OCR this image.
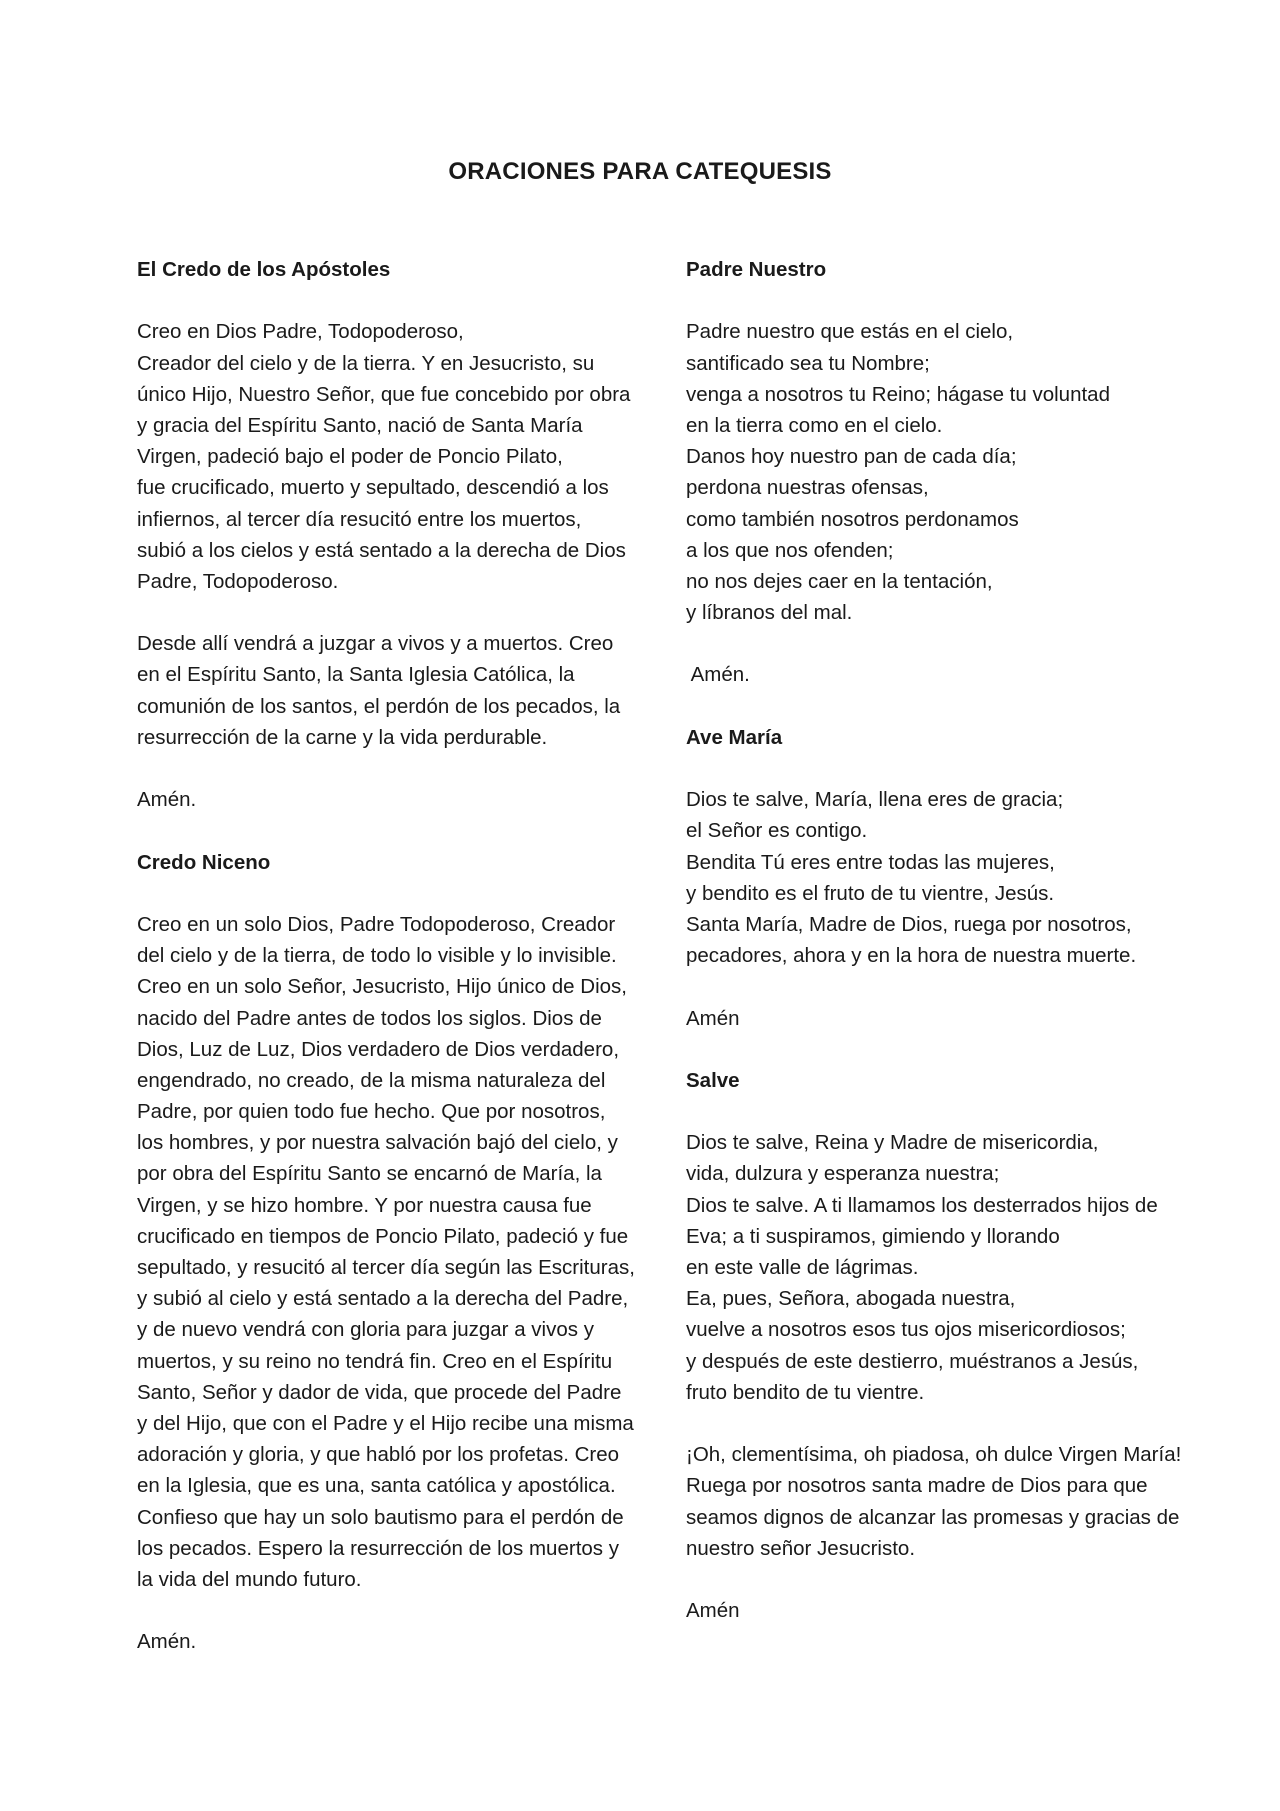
ORACIONES PARA CATEQUESIS
El Credo de los Apóstoles
Creo en Dios Padre, Todopoderoso,
Creador del cielo y de la tierra. Y en Jesucristo, su
único Hijo, Nuestro Señor, que fue concebido por obra
y gracia del Espíritu Santo, nació de Santa María
Virgen, padeció bajo el poder de Poncio Pilato,
fue crucificado, muerto y sepultado, descendió a los
infiernos, al tercer día resucitó entre los muertos,
subió a los cielos y está sentado a la derecha de Dios
Padre, Todopoderoso.
Desde allí vendrá a juzgar a vivos y a muertos. Creo
en el Espíritu Santo, la Santa Iglesia Católica, la
comunión de los santos, el perdón de los pecados, la
resurrección de la carne y la vida perdurable.
Amén.
Credo Niceno
Creo en un solo Dios, Padre Todopoderoso, Creador
del cielo y de la tierra, de todo lo visible y lo invisible.
Creo en un solo Señor, Jesucristo, Hijo único de Dios,
nacido del Padre antes de todos los siglos. Dios de
Dios, Luz de Luz, Dios verdadero de Dios verdadero,
engendrado, no creado, de la misma naturaleza del
Padre, por quien todo fue hecho. Que por nosotros,
los hombres, y por nuestra salvación bajó del cielo, y
por obra del Espíritu Santo se encarnó de María, la
Virgen, y se hizo hombre. Y por nuestra causa fue
crucificado en tiempos de Poncio Pilato, padeció y fue
sepultado, y resucitó al tercer día según las Escrituras,
y subió al cielo y está sentado a la derecha del Padre,
y de nuevo vendrá con gloria para juzgar a vivos y
muertos, y su reino no tendrá fin. Creo en el Espíritu
Santo, Señor y dador de vida, que procede del Padre
y del Hijo, que con el Padre y el Hijo recibe una misma
adoración y gloria, y que habló por los profetas. Creo
en la Iglesia, que es una, santa católica y apostólica.
Confieso que hay un solo bautismo para el perdón de
los pecados. Espero la resurrección de los muertos y
la vida del mundo futuro.
Amén.
Padre Nuestro
Padre nuestro que estás en el cielo,
santificado sea tu Nombre;
venga a nosotros tu Reino; hágase tu voluntad
en la tierra como en el cielo.
Danos hoy nuestro pan de cada día;
perdona nuestras ofensas,
como también nosotros perdonamos
a los que nos ofenden;
no nos dejes caer en la tentación,
y líbranos del mal.
Amén.
Ave María
Dios te salve, María, llena eres de gracia;
el Señor es contigo.
Bendita Tú eres entre todas las mujeres,
y bendito es el fruto de tu vientre, Jesús.
Santa María, Madre de Dios, ruega por nosotros,
pecadores, ahora y en la hora de nuestra muerte.
Amén
Salve
Dios te salve, Reina y Madre de misericordia,
vida, dulzura y esperanza nuestra;
Dios te salve. A ti llamamos los desterrados hijos de
Eva; a ti suspiramos, gimiendo y llorando
en este valle de lágrimas.
Ea, pues, Señora, abogada nuestra,
vuelve a nosotros esos tus ojos misericordiosos;
y después de este destierro, muéstranos a Jesús,
fruto bendito de tu vientre.
¡Oh, clementísima, oh piadosa, oh dulce Virgen María!
Ruega por nosotros santa madre de Dios para que
seamos dignos de alcanzar las promesas y gracias de
nuestro señor Jesucristo.
Amén
